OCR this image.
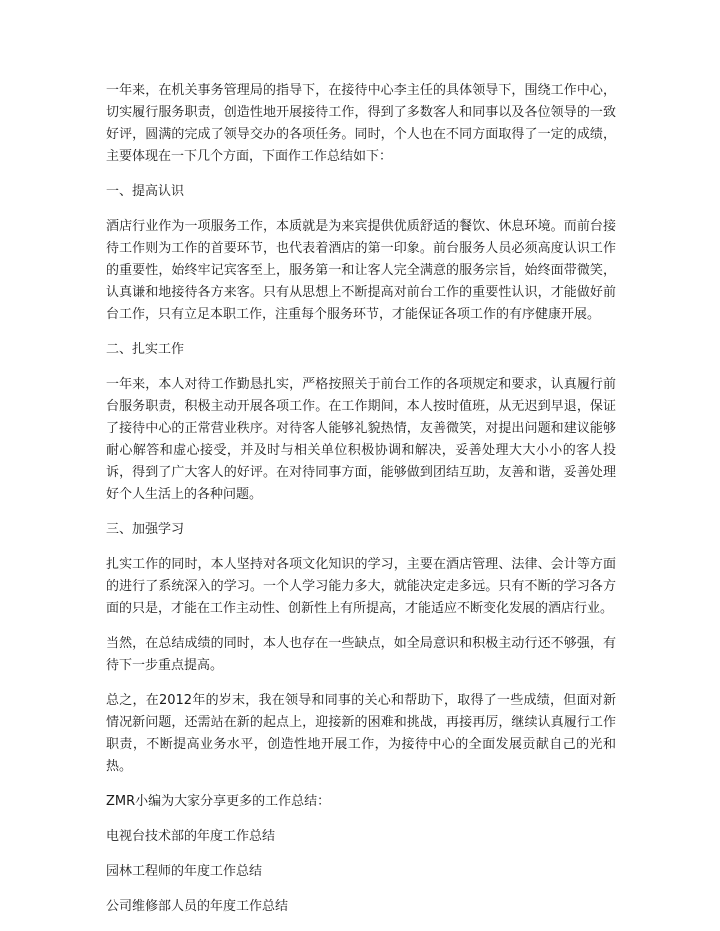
一年来，在机关事务管理局的指导下，在接待中心李主任的具体领导下，围绕工作中心，切实履行服务职责，创造性地开展接待工作，得到了多数客人和同事以及各位领导的一致好评，圆满的完成了领导交办的各项任务。同时，个人也在不同方面取得了一定的成绩，主要体现在一下几个方面，下面作工作总结如下：

一、提高认识

酒店行业作为一项服务工作，本质就是为来宾提供优质舒适的餐饮、休息环境。而前台接待工作则为工作的首要环节，也代表着酒店的第一印象。前台服务人员必须高度认识工作的重要性，始终牢记宾客至上，服务第一和让客人完全满意的服务宗旨，始终面带微笑，认真谦和地接待各方来客。只有从思想上不断提高对前台工作的重要性认识，才能做好前台工作，只有立足本职工作，注重每个服务环节，才能保证各项工作的有序健康开展。

二、扎实工作

一年来，本人对待工作勤恳扎实，严格按照关于前台工作的各项规定和要求，认真履行前台服务职责，积极主动开展各项工作。在工作期间，本人按时值班，从无迟到早退，保证了接待中心的正常营业秩序。对待客人能够礼貌热情，友善微笑，对提出问题和建议能够耐心解答和虚心接受，并及时与相关单位积极协调和解决，妥善处理大大小小的客人投诉，得到了广大客人的好评。在对待同事方面，能够做到团结互助，友善和谐，妥善处理好个人生活上的各种问题。

三、加强学习

扎实工作的同时，本人坚持对各项文化知识的学习，主要在酒店管理、法律、会计等方面的进行了系统深入的学习。一个人学习能力多大，就能决定走多远。只有不断的学习各方面的只是，才能在工作主动性、创新性上有所提高，才能适应不断变化发展的酒店行业。

当然，在总结成绩的同时，本人也存在一些缺点，如全局意识和积极主动行还不够强，有待下一步重点提高。

总之，在2012年的岁末，我在领导和同事的关心和帮助下，取得了一些成绩，但面对新情况新问题，还需站在新的起点上，迎接新的困难和挑战，再接再厉，继续认真履行工作职责，不断提高业务水平，创造性地开展工作，为接待中心的全面发展贡献自己的光和热。

ZMR小编为大家分享更多的工作总结：

电视台技术部的年度工作总结
园林工程师的年度工作总结
公司维修部人员的年度工作总结
